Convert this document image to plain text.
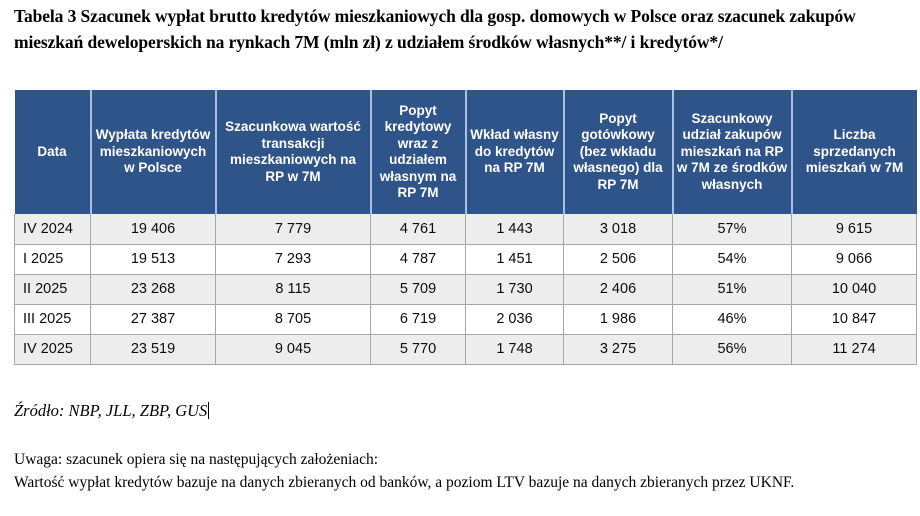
Tabela 3 Szacunek wypłat brutto kredytów mieszkaniowych dla gosp. domowych w Polsce oraz szacunek zakupów mieszkań deweloperskich na rynkach 7M (mln zł) z udziałem środków własnych**/ i kredytów*/
Data	Wypłata kredytów mieszkaniowych w Polsce	Szacunkowa wartość transakcji mieszkaniowych na RP w 7M	Popyt kredytowy wraz z udziałem własnym na RP 7M	Wkład własny do kredytów na RP 7M	Popyt gotówkowy (bez wkładu własnego) dla RP 7M	Szacunkowy udział zakupów mieszkań na RP w 7M ze środków własnych	Liczba sprzedanych mieszkań w 7M
IV 2024	19 406	7 779	4 761	1 443	3 018	57%	9 615
I 2025	19 513	7 293	4 787	1 451	2 506	54%	9 066
II 2025	23 268	8 115	5 709	1 730	2 406	51%	10 040
III 2025	27 387	8 705	6 719	2 036	1 986	46%	10 847
IV 2025	23 519	9 045	5 770	1 748	3 275	56%	11 274
Źródło: NBP, JLL, ZBP, GUS
Uwaga: szacunek opiera się na następujących założeniach:
Wartość wypłat kredytów bazuje na danych zbieranych od banków, a poziom LTV bazuje na danych zbieranych przez UKNF.
